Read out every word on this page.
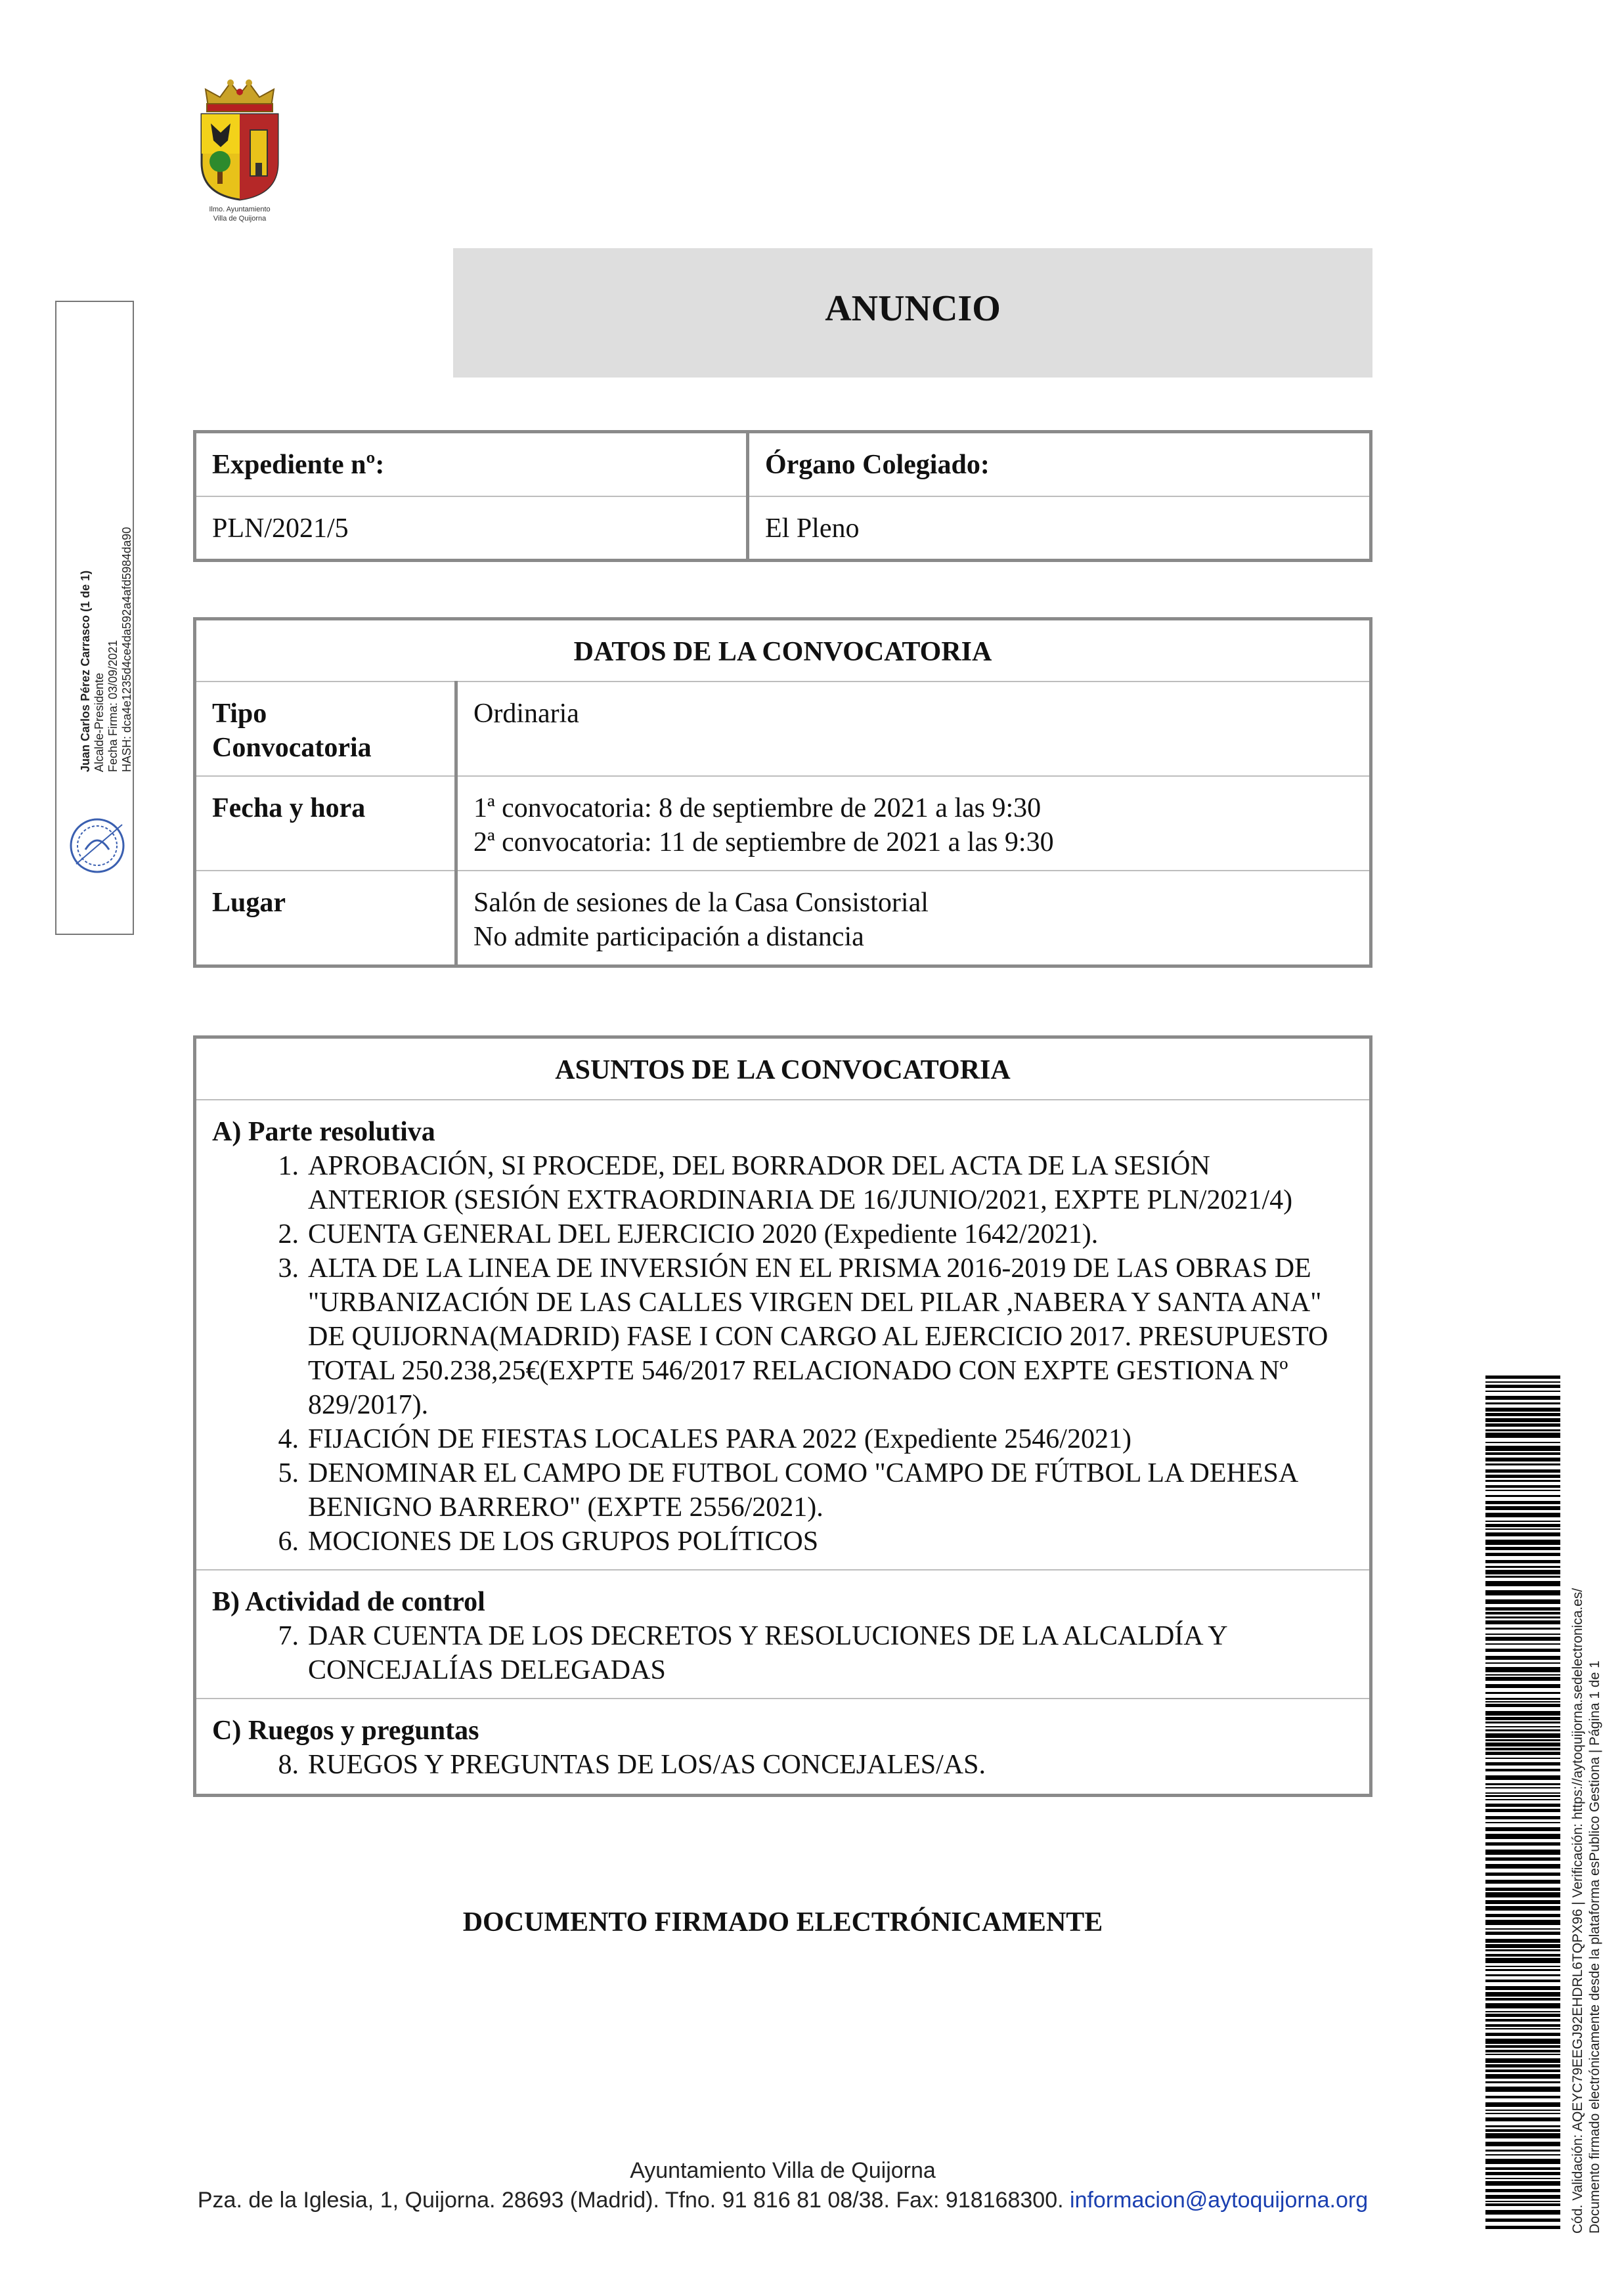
Ilmo. Ayuntamiento
Villa de Quijorna
Juan Carlos Pérez Carrasco (1 de 1) Alcalde-Presidente Fecha Firma: 03/09/2021 HASH: dca4e1235d4ce4da592a4afd5984da90
ANUNCIO
Expediente nº:	Órgano Colegiado:
PLN/2021/5	El Pleno
DATOS DE LA CONVOCATORIA	

Tipo
Convocatoria	Ordinaria

Fecha y hora	1ª convocatoria: 8 de septiembre de 2021 a las 9:30
2ª convocatoria: 11 de septiembre de 2021 a las 9:30

Lugar	Salón de sesiones de la Casa Consistorial
No admite participación a distancia
ASUNTOS DE LA CONVOCATORIA

A) Parte resolutiva
1. APROBACIÓN, SI PROCEDE, DEL BORRADOR DEL ACTA DE LA SESIÓN ANTERIOR (SESIÓN EXTRAORDINARIA DE 16/JUNIO/2021, EXPTE PLN/2021/4)
2. CUENTA GENERAL DEL EJERCICIO 2020 (Expediente 1642/2021).
3. ALTA DE LA LINEA DE INVERSIÓN EN EL PRISMA 2016-2019 DE LAS OBRAS DE "URBANIZACIÓN DE LAS CALLES VIRGEN DEL PILAR ,NABERA Y SANTA ANA" DE QUIJORNA(MADRID) FASE I CON CARGO AL EJERCICIO 2017. PRESUPUESTO TOTAL 250.238,25€(EXPTE 546/2017 RELACIONADO CON EXPTE GESTIONA Nº 829/2017).
4. FIJACIÓN DE FIESTAS LOCALES PARA 2022 (Expediente 2546/2021)
5. DENOMINAR EL CAMPO DE FUTBOL COMO "CAMPO DE FÚTBOL LA DEHESA BENIGNO BARRERO" (EXPTE 2556/2021).
6. MOCIONES DE LOS GRUPOS POLÍTICOS

B) Actividad de control
7. DAR CUENTA DE LOS DECRETOS Y RESOLUCIONES DE LA ALCALDÍA Y CONCEJALÍAS DELEGADAS

C) Ruegos y preguntas
8. RUEGOS Y PREGUNTAS DE LOS/AS CONCEJALES/AS.
DOCUMENTO FIRMADO ELECTRÓNICAMENTE
Ayuntamiento Villa de Quijorna
Pza. de la Iglesia, 1, Quijorna. 28693 (Madrid). Tfno. 91 816 81 08/38. Fax: 918168300. informacion@aytoquijorna.org	Cód. Validación: AQEYC79EEGJ92EHDRL6TQPX96 | Verificación: https://aytoquijorna.sedelectronica.es/ Documento firmado electrónicamente desde la plataforma esPublico Gestiona | Página 1 de 1
